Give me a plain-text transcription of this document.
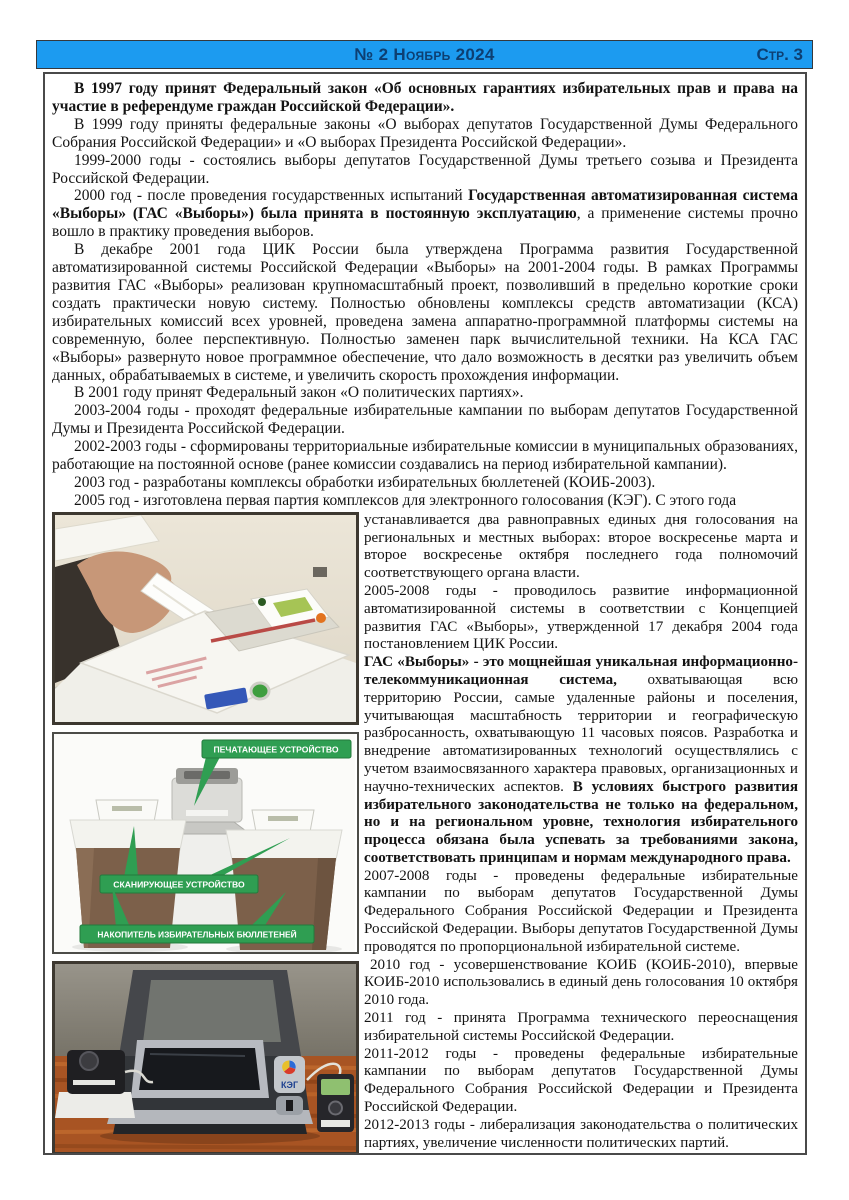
№ 2 Ноябрь 2024	Стр. 3

В 1997 году принят Федеральный закон «Об основных гарантиях избирательных прав и права на участие в референдуме граждан Российской Федерации».

В 1999 году приняты федеральные законы «О выборах депутатов Государственной Думы Федерального Собрания Российской Федерации» и «О выборах Президента Российской Федерации».

1999-2000 годы - состоялись выборы депутатов Государственной Думы третьего созыва и Президента Российской Федерации.

2000 год - после проведения государственных испытаний Государственная автоматизированная система «Выборы» (ГАС «Выборы») была принята в постоянную эксплуатацию, а применение системы прочно вошло в практику проведения выборов.

В декабре 2001 года ЦИК России была утверждена Программа развития Государственной автоматизированной системы Российской Федерации «Выборы» на 2001-2004 годы. В рамках Программы развития ГАС «Выборы» реализован крупномасштабный проект, позволивший в предельно короткие сроки создать практически новую систему. Полностью обновлены комплексы средств автоматизации (КСА) избирательных комиссий всех уровней, проведена замена аппаратно-программной платформы системы на современную, более перспективную. Полностью заменен парк вычислительной техники. На КСА ГАС «Выборы» развернуто новое программное обеспечение, что дало возможность в десятки раз увеличить объем данных, обрабатываемых в системе, и увеличить скорость прохождения информации.

В 2001 году принят Федеральный закон «О политических партиях».

2003-2004 годы - проходят федеральные избирательные кампании по выборам депутатов Государственной Думы и Президента Российской Федерации.

2002-2003 годы - сформированы территориальные избирательные комиссии в муниципальных образованиях, работающие на постоянной основе (ранее комиссии создавались на период избирательной кампании).

2003 год - разработаны комплексы обработки избирательных бюллетеней (КОИБ-2003).

2005 год - изготовлена первая партия комплексов для электронного голосования (КЭГ). С этого года

ПЕЧАТАЮЩЕЕ УСТРОЙСТВО
СКАНИРУЮЩЕЕ УСТРОЙСТВО
НАКОПИТЕЛЬ ИЗБИРАТЕЛЬНЫХ БЮЛЛЕТЕНЕЙ
КЭГ

устанавливается два равноправных единых дня голосования на региональных и местных выборах: второе воскресенье марта и второе воскресенье октября последнего года полномочий соответствующего органа власти.

2005-2008 годы - проводилось развитие информационной автоматизированной системы в соответствии с Концепцией развития ГАС «Выборы», утвержденной 17 декабря 2004 года постановлением ЦИК России.

ГАС «Выборы» - это мощнейшая уникальная информационно-телекоммуникационная система, охватывающая всю территорию России, самые удаленные районы и поселения, учитывающая масштабность территории и географическую разбросанность, охватывающую 11 часовых поясов. Разработка и внедрение автоматизированных технологий осуществлялись с учетом взаимосвязанного характера правовых, организационных и научно-технических аспектов. В условиях быстрого развития избирательного законодательства не только на федеральном, но и на региональном уровне, технология избирательного процесса обязана была успевать за требованиями закона, соответствовать принципам и нормам международного права.

2007-2008 годы - проведены федеральные избирательные кампании по выборам депутатов Государственной Думы Федерального Собрания Российской Федерации и Президента Российской Федерации. Выборы депутатов Государственной Думы проводятся по пропорциональной избирательной системе.

2010 год - усовершенствование КОИБ (КОИБ-2010), впервые КОИБ-2010 использовались в единый день голосования 10 октября 2010 года.

2011 год - принята Программа технического переоснащения избирательной системы Российской Федерации.

2011-2012 годы - проведены федеральные избирательные кампании по выборам депутатов Государственной Думы Федерального Собрания Российской Федерации и Президента Российской Федерации.

2012-2013 годы - либерализация законодательства о политических партиях, увеличение численности политических партий.
